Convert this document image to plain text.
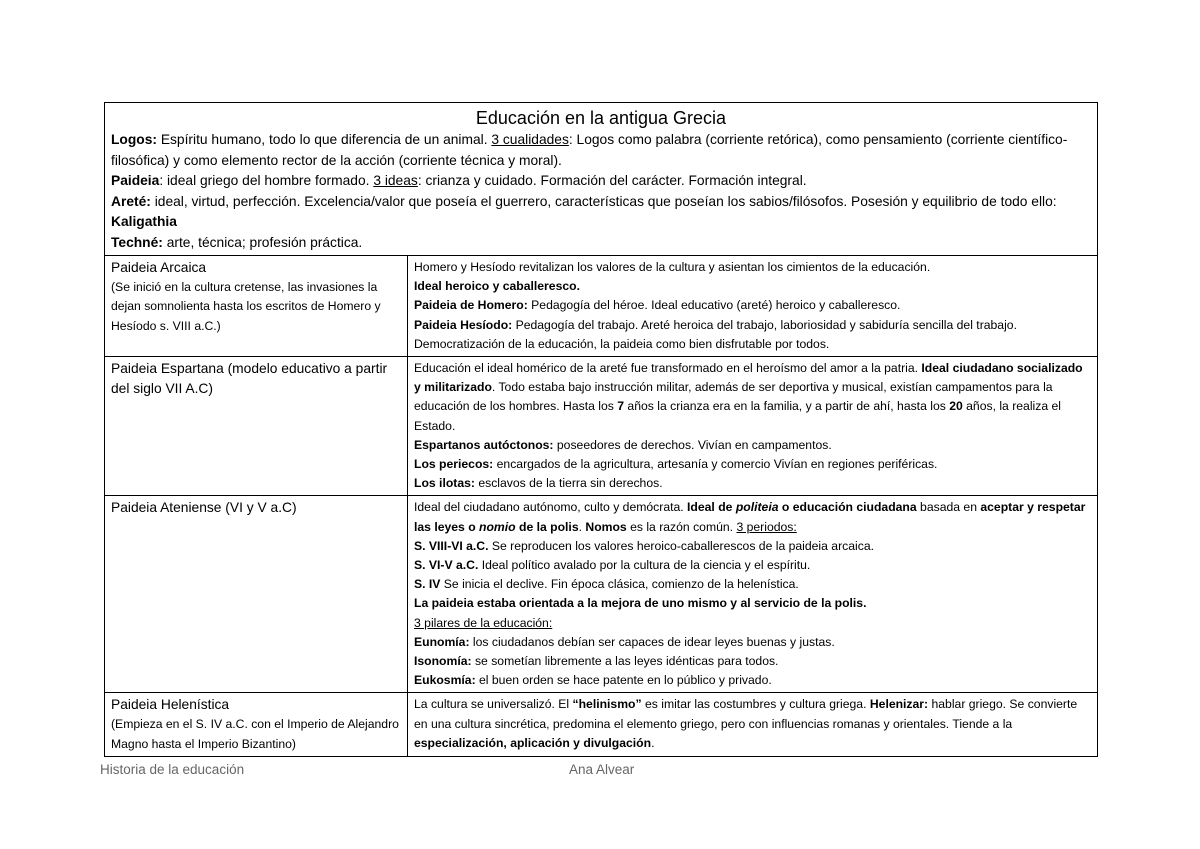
Educación en la antigua Grecia

Logos: Espíritu humano, todo lo que diferencia de un animal. 3 cualidades: Logos como palabra (corriente retórica), como pensamiento (corriente científico-filosófica) y como elemento rector de la acción (corriente técnica y moral).

Paideia: ideal griego del hombre formado. 3 ideas: crianza y cuidado. Formación del carácter. Formación integral.

Areté: ideal, virtud, perfección. Excelencia/valor que poseía el guerrero, características que poseían los sabios/filósofos. Posesión y equilibrio de todo ello: Kaligathia

Techné: arte, técnica; profesión práctica.

Paideia Arcaica
(Se inició en la cultura cretense, las invasiones la dejan somnolienta hasta los escritos de Homero y Hesíodo s. VIII a.C.)

Homero y Hesíodo revitalizan los valores de la cultura y asientan los cimientos de la educación.

Ideal heroico y caballeresco.

Paideia de Homero: Pedagogía del héroe. Ideal educativo (areté) heroico y caballeresco.

Paideia Hesíodo: Pedagogía del trabajo. Areté heroica del trabajo, laboriosidad y sabiduría sencilla del trabajo. Democratización de la educación, la paideia como bien disfrutable por todos.

Paideia Espartana (modelo educativo a partir del siglo VII A.C)

Educación el ideal homérico de la areté fue transformado en el heroísmo del amor a la patria. Ideal ciudadano socializado y militarizado. Todo estaba bajo instrucción militar, además de ser deportiva y musical, existían campamentos para la educación de los hombres. Hasta los 7 años la crianza era en la familia, y a partir de ahí, hasta los 20 años, la realiza el Estado.

Espartanos autóctonos: poseedores de derechos. Vivían en campamentos.

Los periecos: encargados de la agricultura, artesanía y comercio Vivían en regiones periféricas.

Los ilotas: esclavos de la tierra sin derechos.

Paideia Ateniense (VI y V a.C)	Ideal del ciudadano autónomo, culto y demócrata. Ideal de politeia o educación ciudadana basada en aceptar y respetar las leyes o nomio de la polis. Nomos es la razón común. 3 periodos:

S. VIII-VI a.C. Se reproducen los valores heroico-caballerescos de la paideia arcaica.

S. VI-V a.C. Ideal político avalado por la cultura de la ciencia y el espíritu.

S. IV Se inicia el declive. Fin época clásica, comienzo de la helenística.

La paideia estaba orientada a la mejora de uno mismo y al servicio de la polis.

3 pilares de la educación:

Eunomía: los ciudadanos debían ser capaces de idear leyes buenas y justas.

Isonomía: se sometían libremente a las leyes idénticas para todos.

Eukosmía: el buen orden se hace patente en lo público y privado.

Paideia Helenística
(Empieza en el S. IV a.C. con el Imperio de Alejandro Magno hasta el Imperio Bizantino)

La cultura se universalizó. El “helinismo” es imitar las costumbres y cultura griega. Helenizar: hablar griego. Se convierte en una cultura sincrética, predomina el elemento griego, pero con influencias romanas y orientales. Tiende a la especialización, aplicación y divulgación.

Historia de la educación	Ana Alvear
